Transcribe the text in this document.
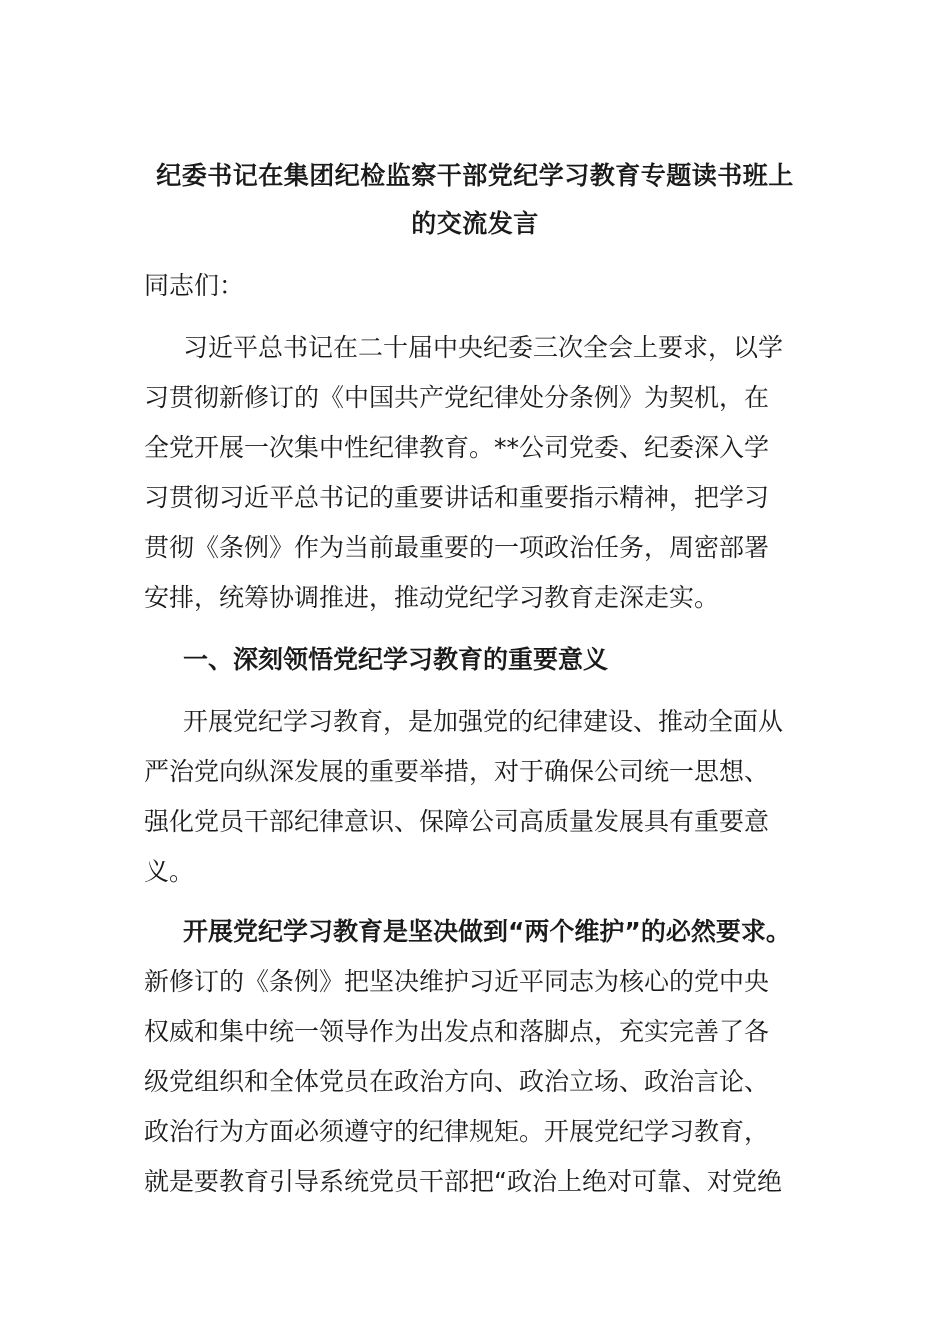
纪委书记在集团纪检监察干部党纪学习教育专题读书班上
的交流发言

同志们：

习近平总书记在二十届中央纪委三次全会上要求，以学

习贯彻新修订的《中国共产党纪律处分条例》为契机，在

全党开展一次集中性纪律教育。**公司党委、纪委深入学

习贯彻习近平总书记的重要讲话和重要指示精神，把学习

贯彻《条例》作为当前最重要的一项政治任务，周密部署

安排，统筹协调推进，推动党纪学习教育走深走实。

一、深刻领悟党纪学习教育的重要意义

开展党纪学习教育，是加强党的纪律建设、推动全面从

严治党向纵深发展的重要举措，对于确保公司统一思想、

强化党员干部纪律意识、保障公司高质量发展具有重要意

义。

开展党纪学习教育是坚决做到“两个维护”的必然要求。

新修订的《条例》把坚决维护习近平同志为核心的党中央

权威和集中统一领导作为出发点和落脚点，充实完善了各

级党组织和全体党员在政治方向、政治立场、政治言论、

政治行为方面必须遵守的纪律规矩。开展党纪学习教育，

就是要教育引导系统党员干部把“政治上绝对可靠、对党绝
